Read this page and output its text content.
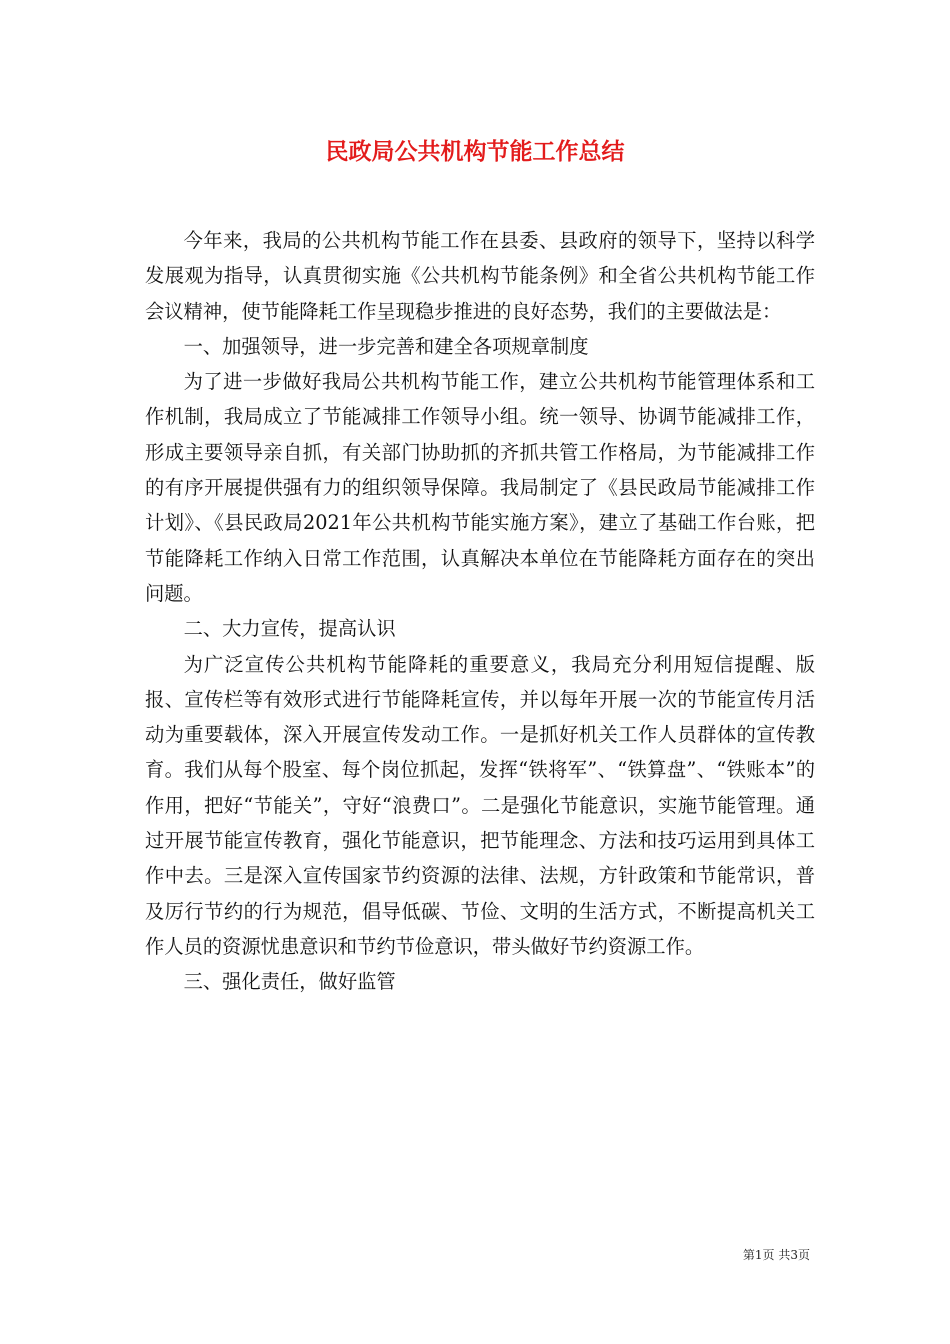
民政局公共机构节能工作总结

今年来，我局的公共机构节能工作在县委、县政府的领导下，坚持以科学发展观为指导，认真贯彻实施《公共机构节能条例》和全省公共机构节能工作会议精神，使节能降耗工作呈现稳步推进的良好态势，我们的主要做法是：

一、加强领导，进一步完善和建全各项规章制度

为了进一步做好我局公共机构节能工作，建立公共机构节能管理体系和工作机制，我局成立了节能减排工作领导小组。统一领导、协调节能减排工作，形成主要领导亲自抓，有关部门协助抓的齐抓共管工作格局，为节能减排工作的有序开展提供强有力的组织领导保障。我局制定了《县民政局节能减排工作计划》、《县民政局2021年公共机构节能实施方案》，建立了基础工作台账，把节能降耗工作纳入日常工作范围，认真解决本单位在节能降耗方面存在的突出问题。

二、大力宣传，提高认识

为广泛宣传公共机构节能降耗的重要意义，我局充分利用短信提醒、版报、宣传栏等有效形式进行节能降耗宣传，并以每年开展一次的节能宣传月活动为重要载体，深入开展宣传发动工作。一是抓好机关工作人员群体的宣传教育。我们从每个股室、每个岗位抓起，发挥“铁将军”、“铁算盘”、“铁账本”的作用，把好“节能关”，守好“浪费口”。二是强化节能意识，实施节能管理。通过开展节能宣传教育，强化节能意识，把节能理念、方法和技巧运用到具体工作中去。三是深入宣传国家节约资源的法律、法规，方针政策和节能常识，普及厉行节约的行为规范，倡导低碳、节俭、文明的生活方式，不断提高机关工作人员的资源忧患意识和节约节俭意识，带头做好节约资源工作。

三、强化责任，做好监管

第1页 共3页
